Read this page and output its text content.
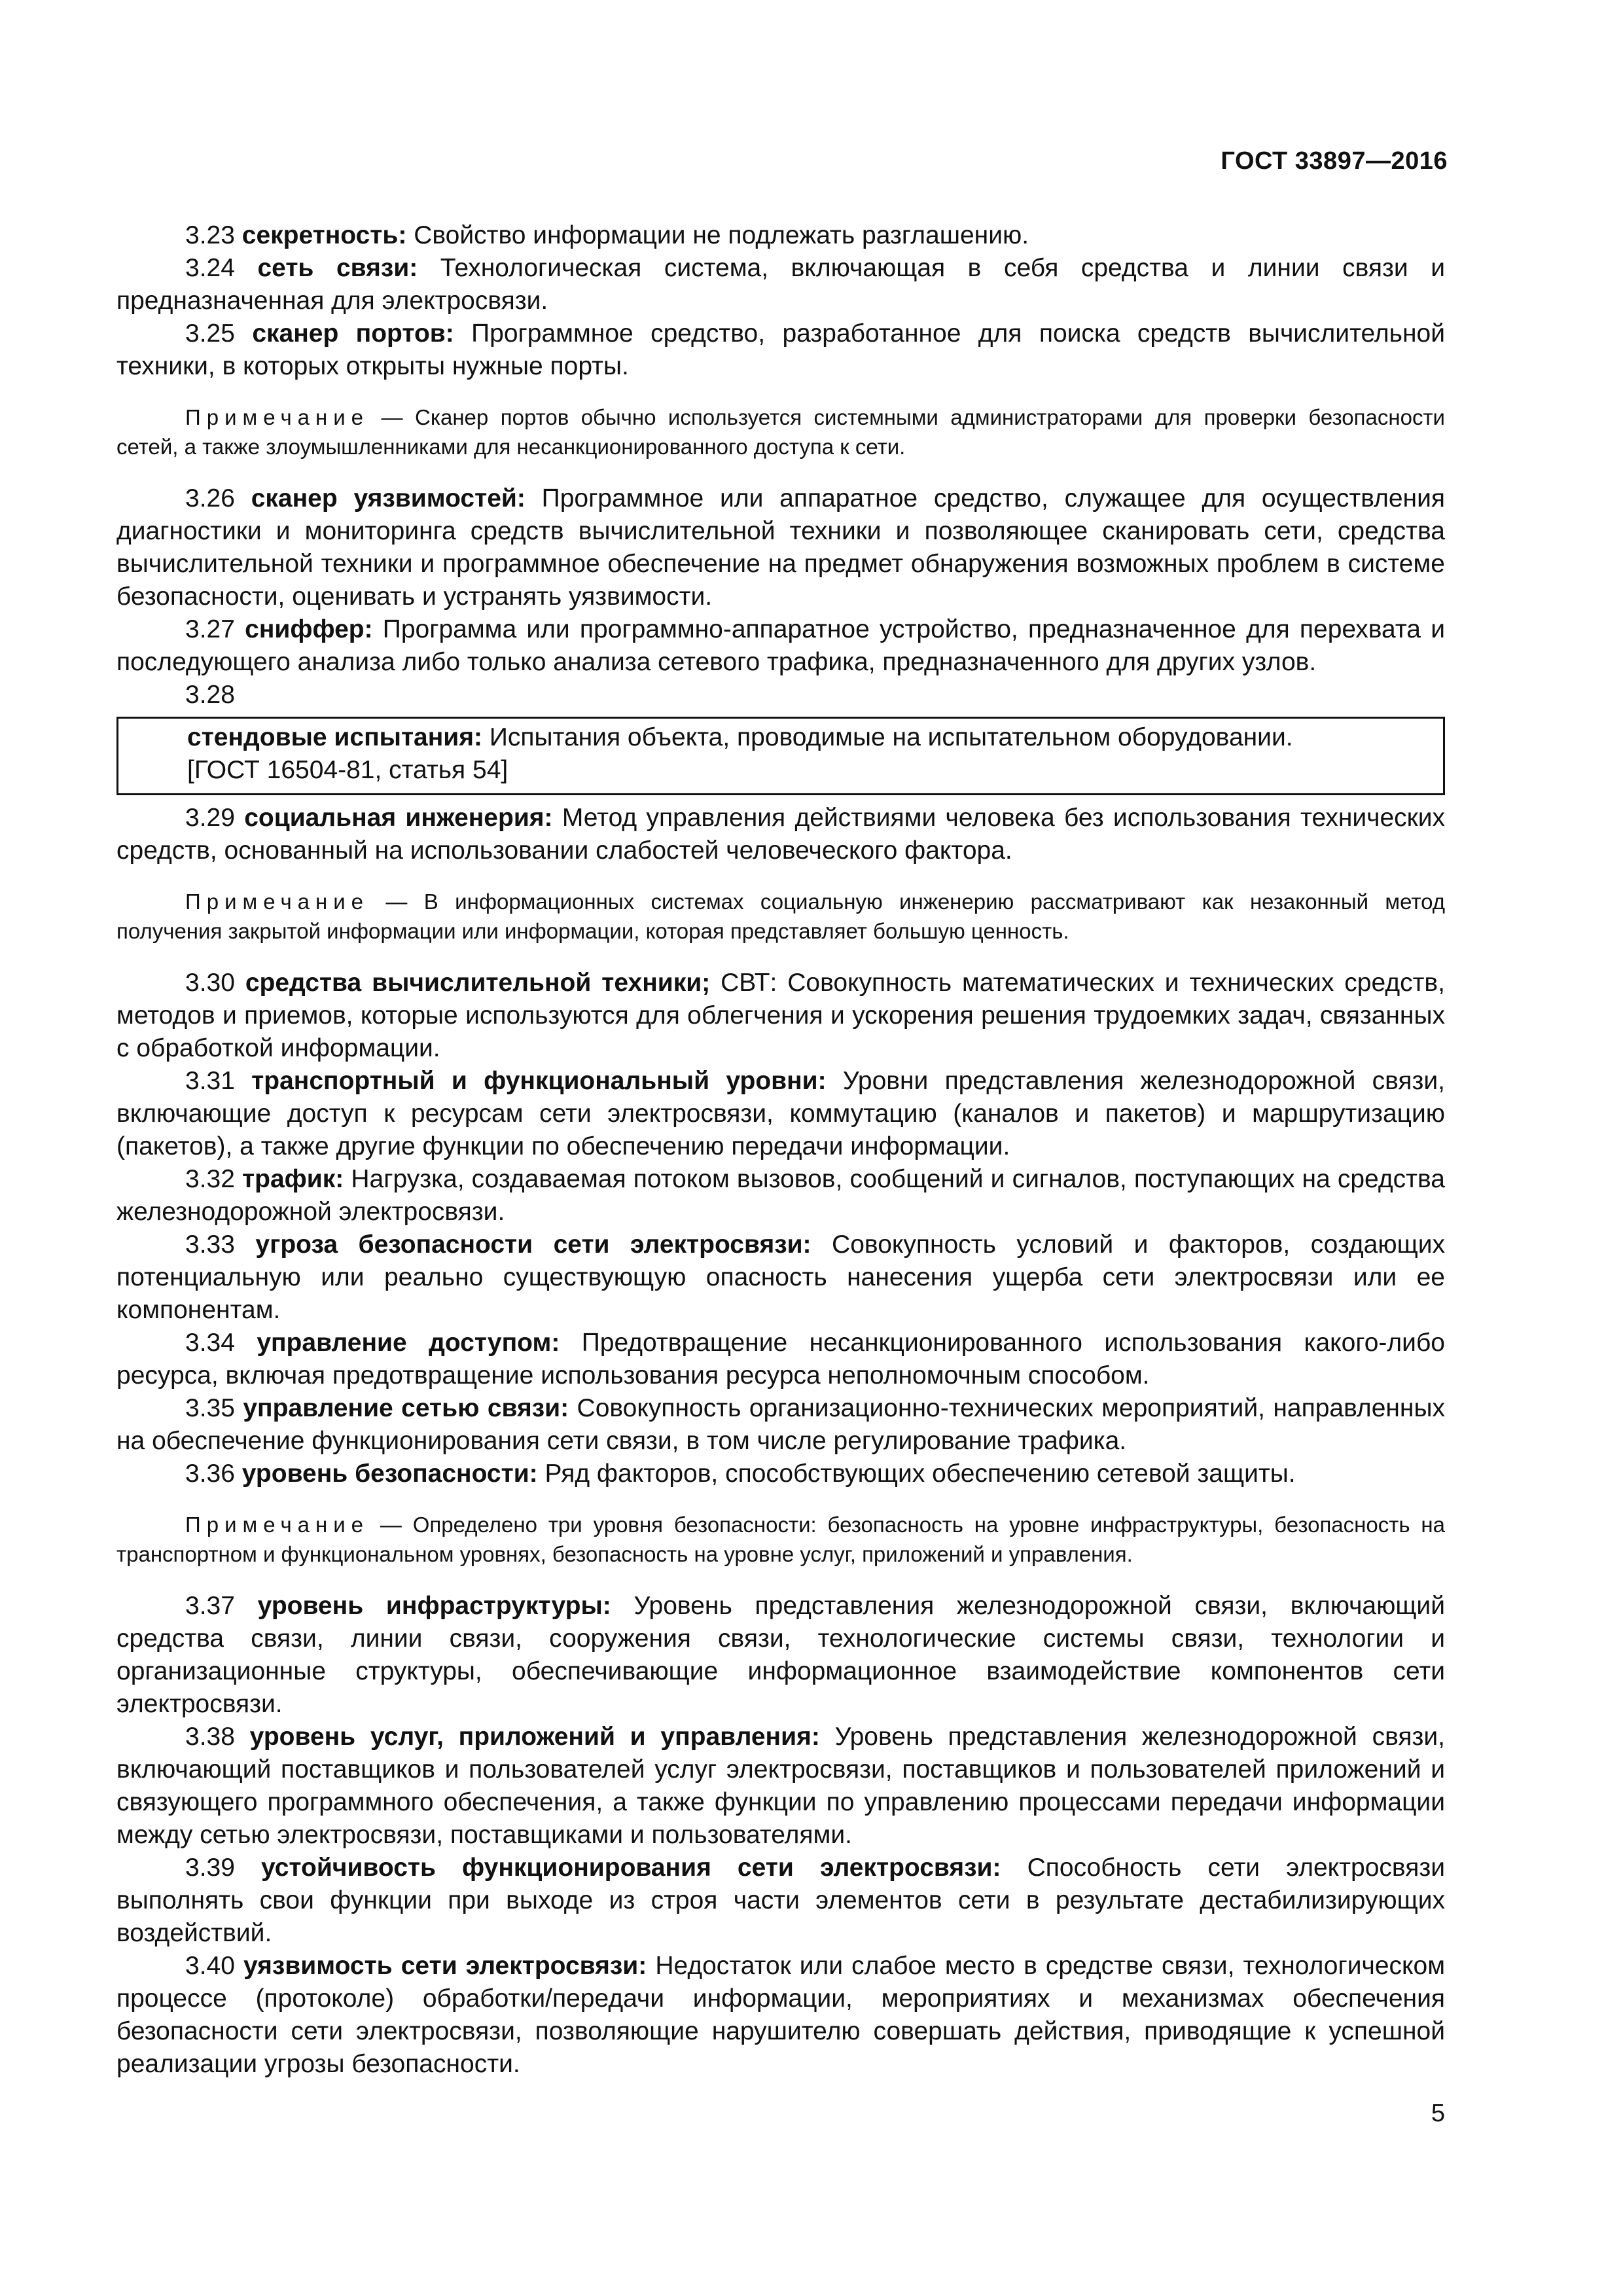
ГОСТ 33897—2016

3.23 секретность: Свойство информации не подлежать разглашению.

3.24 сеть связи: Технологическая система, включающая в себя средства и линии связи и предназначенная для электросвязи.

3.25 сканер портов: Программное средство, разработанное для поиска средств вычислительной техники, в которых открыты нужные порты.

Примечание — Сканер портов обычно используется системными администраторами для проверки безопасности сетей, а также злоумышленниками для несанкционированного доступа к сети.

3.26 сканер уязвимостей: Программное или аппаратное средство, служащее для осуществления диагностики и мониторинга средств вычислительной техники и позволяющее сканировать сети, средства вычислительной техники и программное обеспечение на предмет обнаружения возможных проблем в системе безопасности, оценивать и устранять уязвимости.

3.27 сниффер: Программа или программно-аппаратное устройство, предназначенное для перехвата и последующего анализа либо только анализа сетевого трафика, предназначенного для других узлов.

3.28

стендовые испытания: Испытания объекта, проводимые на испытательном оборудовании.
[ГОСТ 16504-81, статья 54]

3.29 социальная инженерия: Метод управления действиями человека без использования технических средств, основанный на использовании слабостей человеческого фактора.

Примечание — В информационных системах социальную инженерию рассматривают как незаконный метод получения закрытой информации или информации, которая представляет большую ценность.

3.30 средства вычислительной техники; СВТ: Совокупность математических и технических средств, методов и приемов, которые используются для облегчения и ускорения решения трудоемких задач, связанных с обработкой информации.

3.31 транспортный и функциональный уровни: Уровни представления железнодорожной связи, включающие доступ к ресурсам сети электросвязи, коммутацию (каналов и пакетов) и маршрутизацию (пакетов), а также другие функции по обеспечению передачи информации.

3.32 трафик: Нагрузка, создаваемая потоком вызовов, сообщений и сигналов, поступающих на средства железнодорожной электросвязи.

3.33 угроза безопасности сети электросвязи: Совокупность условий и факторов, создающих потенциальную или реально существующую опасность нанесения ущерба сети электросвязи или ее компонентам.

3.34 управление доступом: Предотвращение несанкционированного использования какого-либо ресурса, включая предотвращение использования ресурса неполномочным способом.

3.35 управление сетью связи: Совокупность организационно-технических мероприятий, направленных на обеспечение функционирования сети связи, в том числе регулирование трафика.

3.36 уровень безопасности: Ряд факторов, способствующих обеспечению сетевой защиты.

Примечание — Определено три уровня безопасности: безопасность на уровне инфраструктуры, безопасность на транспортном и функциональном уровнях, безопасность на уровне услуг, приложений и управления.

3.37 уровень инфраструктуры: Уровень представления железнодорожной связи, включающий средства связи, линии связи, сооружения связи, технологические системы связи, технологии и организационные структуры, обеспечивающие информационное взаимодействие компонентов сети электросвязи.

3.38 уровень услуг, приложений и управления: Уровень представления железнодорожной связи, включающий поставщиков и пользователей услуг электросвязи, поставщиков и пользователей приложений и связующего программного обеспечения, а также функции по управлению процессами передачи информации между сетью электросвязи, поставщиками и пользователями.

3.39 устойчивость функционирования сети электросвязи: Способность сети электросвязи выполнять свои функции при выходе из строя части элементов сети в результате дестабилизирующих воздействий.

3.40 уязвимость сети электросвязи: Недостаток или слабое место в средстве связи, технологическом процессе (протоколе) обработки/передачи информации, мероприятиях и механизмах обеспечения безопасности сети электросвязи, позволяющие нарушителю совершать действия, приводящие к успешной реализации угрозы безопасности.

5
